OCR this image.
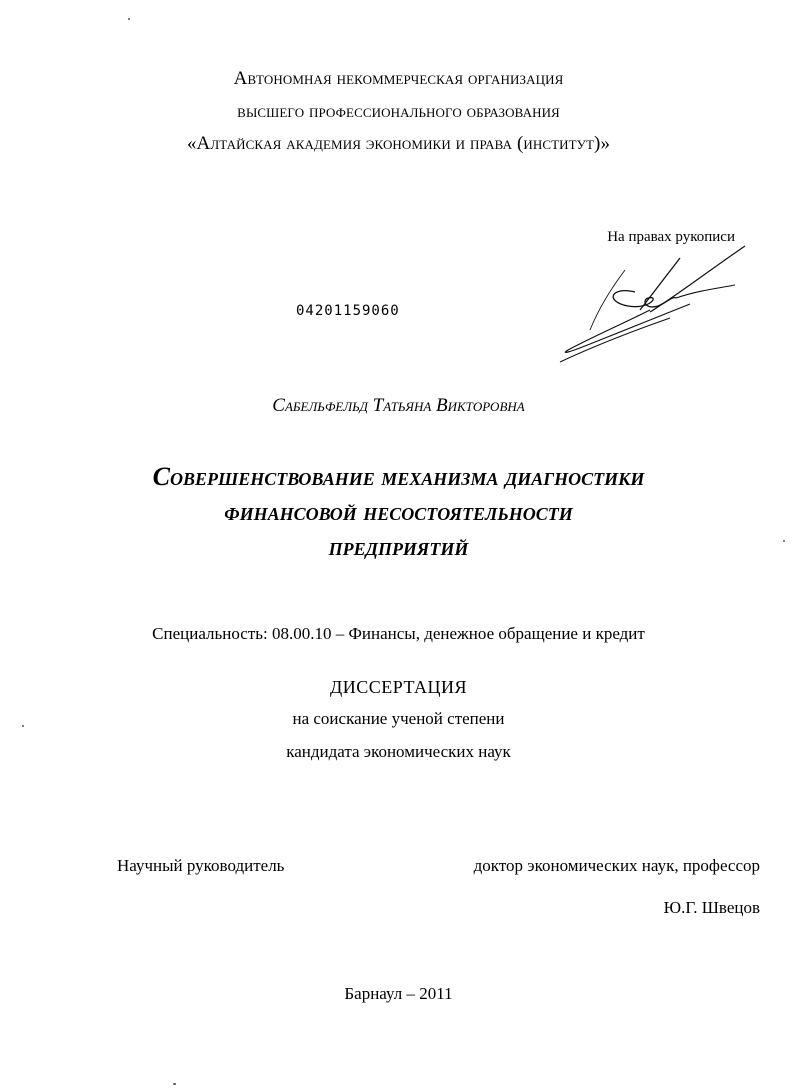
Автономная некоммерческая организация
высшего профессионального образования
«Алтайская академия экономики и права (институт)»
На правах рукописи
04201159060
Сабельфельд Татьяна Викторовна
Совершенствование механизма диагностики
финансовой несостоятельности
предприятий
Специальность: 08.00.10 – Финансы, денежное обращение и кредит
ДИССЕРТАЦИЯ
на соискание ученой степени
кандидата экономических наук
Научный руководитель	доктор экономических наук, профессор
Ю.Г. Швецов
Барнаул – 2011
